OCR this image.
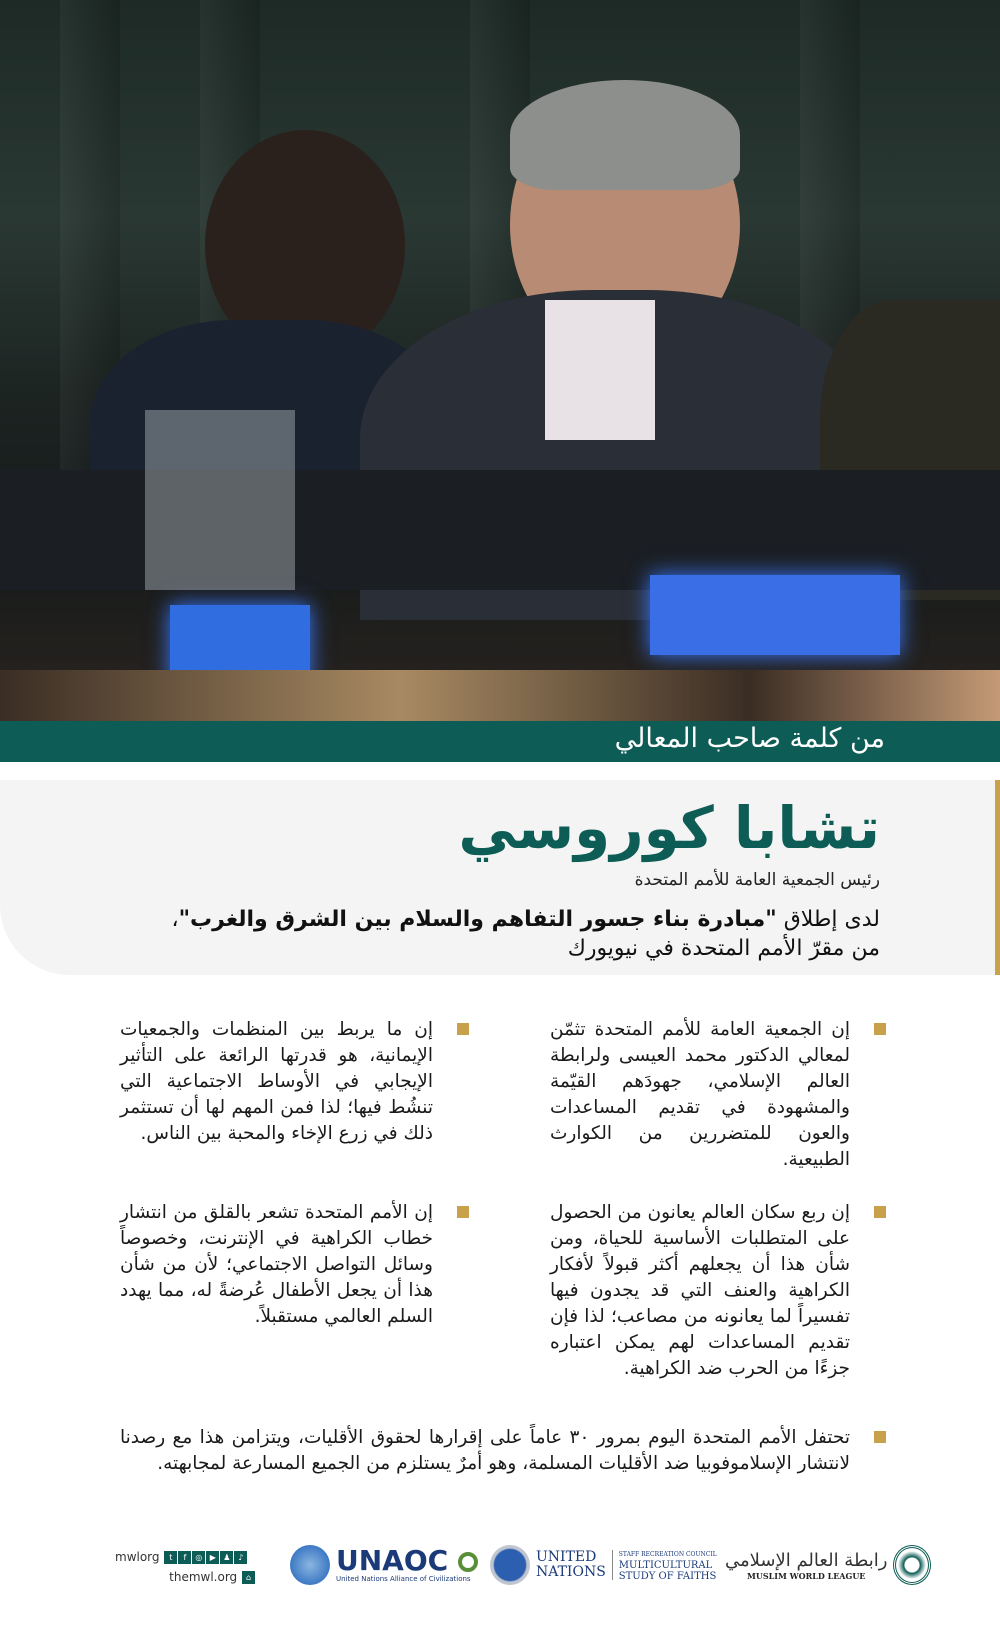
من كلمة صاحب المعالي
تشابا كوروسي
رئيس الجمعية العامة للأمم المتحدة
لدى إطلاق "مبادرة بناء جسور التفاهم والسلام بين الشرق والغرب"،
من مقرّ الأمم المتحدة في نيويورك
إن الجمعية العامة للأمم المتحدة تثمّن لمعالي الدكتور محمد العيسى ولرابطة العالم الإسلامي، جهودَهم القيّمة والمشهودة في تقديم المساعدات والعون للمتضررين من الكوارث الطبيعية.
إن ما يربط بين المنظمات والجمعيات الإيمانية، هو قدرتها الرائعة على التأثير الإيجابي في الأوساط الاجتماعية التي تنشُط فيها؛ لذا فمن المهم لها أن تستثمر ذلك في زرع الإخاء والمحبة بين الناس.
إن ربع سكان العالم يعانون من الحصول على المتطلبات الأساسية للحياة، ومن شأن هذا أن يجعلهم أكثر قبولاً لأفكار الكراهية والعنف التي قد يجدون فيها تفسيراً لما يعانونه من مصاعب؛ لذا فإن تقديم المساعدات لهم يمكن اعتباره جزءًا من الحرب ضد الكراهية.
إن الأمم المتحدة تشعر بالقلق من انتشار خطاب الكراهية في الإنترنت، وخصوصاً وسائل التواصل الاجتماعي؛ لأن من شأن هذا أن يجعل الأطفال عُرضةً له، مما يهدد السلم العالمي مستقبلاً.
تحتفل الأمم المتحدة اليوم بمرور ٣٠ عاماً على إقرارها لحقوق الأقليات، ويتزامن هذا مع رصدنا لانتشار الإسلاموفوبيا ضد الأقليات المسلمة، وهو أمرٌ يستلزم من الجميع المسارعة لمجابهته.
mwlorg t f ◎ ▶ ♟ ♪
themwl.org ⌂
UNAOC
United Nations Alliance of Civilizations
UNITED
NATIONS
STAFF RECREATION COUNCIL
MULTICULTURAL
STUDY OF FAITHS
رابطة العالم الإسلامي
MUSLIM WORLD LEAGUE
